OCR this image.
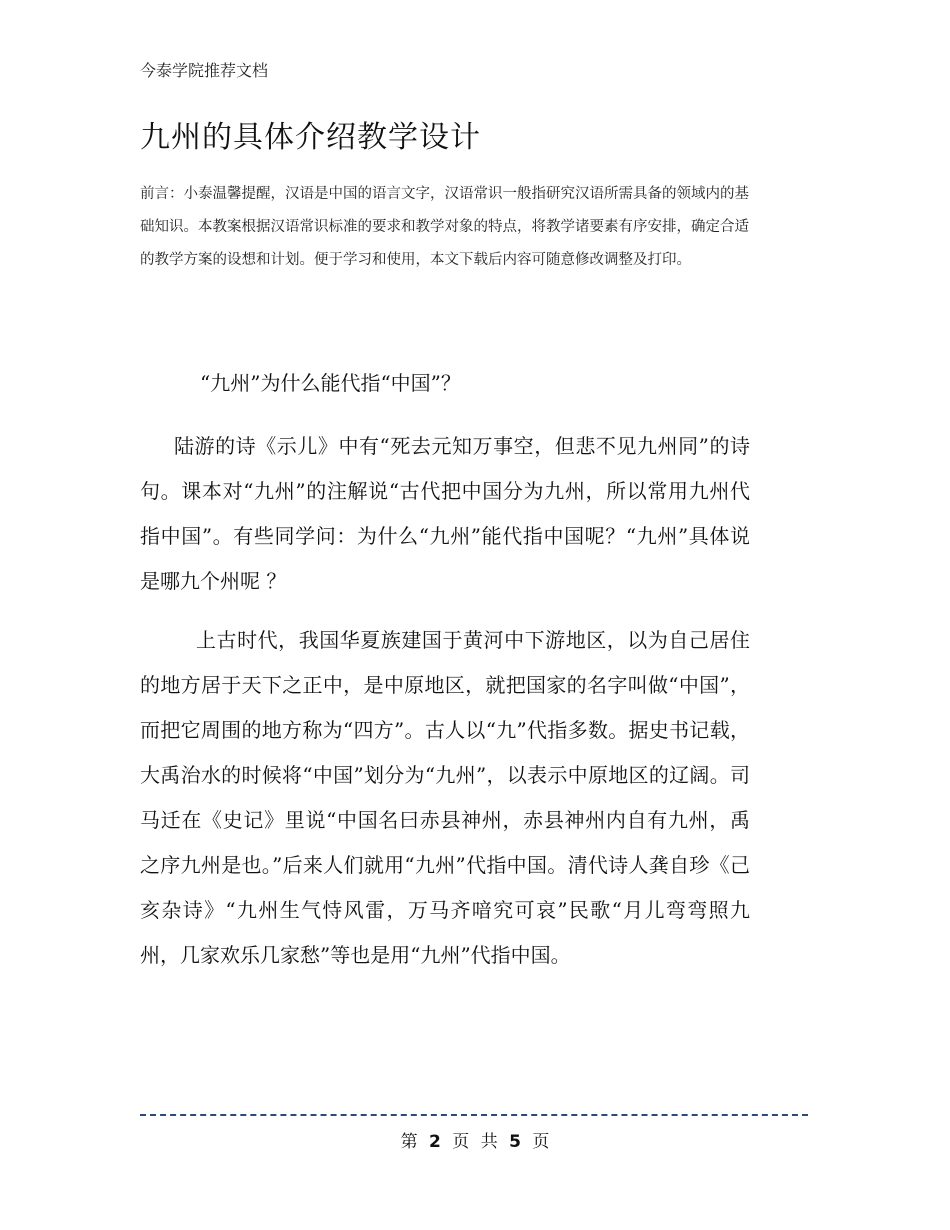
今泰学院推荐文档
九州的具体介绍教学设计

前言：小泰温馨提醒，汉语是中国的语言文字，汉语常识一般指研究汉语所需具备的领域内的基础知识。本教案根据汉语常识标准的要求和教学对象的特点，将教学诸要素有序安排，确定合适的教学方案的设想和计划。便于学习和使用，本文下载后内容可随意修改调整及打印。

“九州”为什么能代指“中国”？

陆游的诗《示儿》中有“死去元知万事空，但悲不见九州同”的诗句。课本对“九州”的注解说“古代把中国分为九州，所以常用九州代指中国”。有些同学问：为什么“九州”能代指中国呢？“九州”具体说是哪九个州呢 ？

上古时代，我国华夏族建国于黄河中下游地区，以为自己居住的地方居于天下之正中，是中原地区，就把国家的名字叫做“中国”，而把它周围的地方称为“四方”。古人以“九”代指多数。据史书记载，大禹治水的时候将“中国”划分为“九州”，以表示中原地区的辽阔。司马迁在《史记》里说“中国名曰赤县神州，赤县神州内自有九州，禹之序九州是也。”后来人们就用“九州”代指中国。清代诗人龚自珍《己亥杂诗》“九州生气恃风雷，万马齐喑究可哀”民歌“月儿弯弯照九州，几家欢乐几家愁”等也是用“九州”代指中国。

第 2 页 共 5 页
